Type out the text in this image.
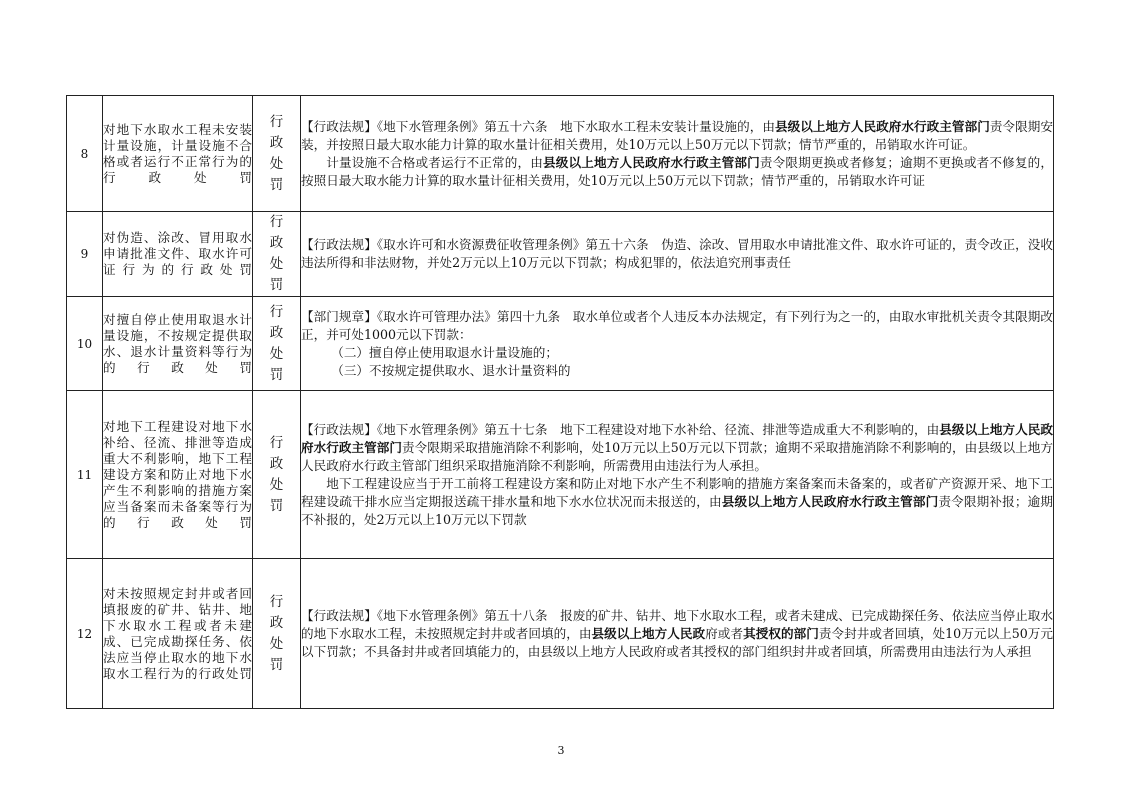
8	对地下水取水工程未安装计量设施，计量设施不合格或者运行不正常行为的行政处罚	行政处罚	【行政法规】《地下水管理条例》第五十六条　地下水取水工程未安装计量设施的，由县级以上地方人民政府水行政主管部门责令限期安装，并按照日最大取水能力计算的取水量计征相关费用，处10万元以上50万元以下罚款；情节严重的，吊销取水许可证。

计量设施不合格或者运行不正常的，由县级以上地方人民政府水行政主管部门责令限期更换或者修复；逾期不更换或者不修复的，按照日最大取水能力计算的取水量计征相关费用，处10万元以上50万元以下罚款；情节严重的，吊销取水许可证

9	对伪造、涂改、冒用取水申请批准文件、取水许可证行为的行政处罚	行政处罚	【行政法规】《取水许可和水资源费征收管理条例》第五十六条　伪造、涂改、冒用取水申请批准文件、取水许可证的，责令改正，没收违法所得和非法财物，并处2万元以上10万元以下罚款；构成犯罪的，依法追究刑事责任

10	对擅自停止使用取退水计量设施，不按规定提供取水、退水计量资料等行为的行政处罚	行政处罚	【部门规章】《取水许可管理办法》第四十九条　取水单位或者个人违反本办法规定，有下列行为之一的，由取水审批机关责令其限期改正，并可处1000元以下罚款：

（二）擅自停止使用取退水计量设施的；

（三）不按规定提供取水、退水计量资料的

11	对地下工程建设对地下水补给、径流、排泄等造成重大不利影响，地下工程建设方案和防止对地下水产生不利影响的措施方案应当备案而未备案等行为的行政处罚	行政处罚	【行政法规】《地下水管理条例》第五十七条　地下工程建设对地下水补给、径流、排泄等造成重大不利影响的，由县级以上地方人民政府水行政主管部门责令限期采取措施消除不利影响，处10万元以上50万元以下罚款；逾期不采取措施消除不利影响的，由县级以上地方人民政府水行政主管部门组织采取措施消除不利影响，所需费用由违法行为人承担。

地下工程建设应当于开工前将工程建设方案和防止对地下水产生不利影响的措施方案备案而未备案的，或者矿产资源开采、地下工程建设疏干排水应当定期报送疏干排水量和地下水水位状况而未报送的，由县级以上地方人民政府水行政主管部门责令限期补报；逾期不补报的，处2万元以上10万元以下罚款

12	对未按照规定封井或者回填报废的矿井、钻井、地下水取水工程或者未建成、已完成勘探任务、依法应当停止取水的地下水取水工程行为的行政处罚	行政处罚	【行政法规】《地下水管理条例》第五十八条　报废的矿井、钻井、地下水取水工程，或者未建成、已完成勘探任务、依法应当停止取水的地下水取水工程，未按照规定封井或者回填的，由县级以上地方人民政府或者其授权的部门责令封井或者回填，处10万元以上50万元以下罚款；不具备封井或者回填能力的，由县级以上地方人民政府或者其授权的部门组织封井或者回填，所需费用由违法行为人承担

3
